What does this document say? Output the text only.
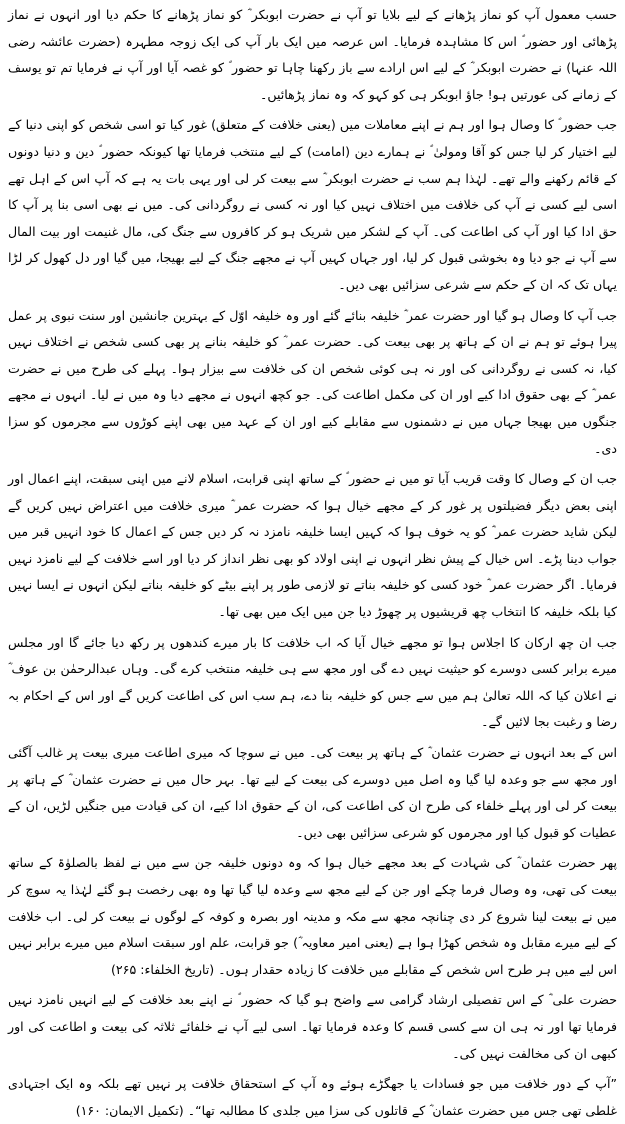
حسب معمول آپ کو نماز پڑھانے کے لیے بلایا تو آپ نے حضرت ابوبکر ؓ کو نماز پڑھانے کا حکم دیا اور انہوں نے نماز پڑھائی اور حضور ؐ اس کا مشاہدہ فرمایا۔ اس عرصہ میں ایک بار آپ کی ایک زوجہ مطہرہ (حضرت عائشہ رضی اللہ عنہا) نے حضرت ابوبکر ؓ کے لیے اس ارادے سے باز رکھنا چاہا تو حضور ؐ کو غصہ آیا اور آپ نے فرمایا تم تو یوسف کے زمانے کی عورتیں ہو! جاؤ ابوبکر ہی کو کہو کہ وہ نماز پڑھائیں۔

جب حضور ؐ کا وصال ہوا اور ہم نے اپنے معاملات میں (یعنی خلافت کے متعلق) غور کیا تو اسی شخص کو اپنی دنیا کے لیے اختیار کر لیا جس کو آقا ومولیٰ ؐ نے ہمارے دین (امامت) کے لیے منتخب فرمایا تھا کیونکہ حضور ؐ دین و دنیا دونوں کے قائم رکھنے والے تھے۔ لہٰذا ہم سب نے حضرت ابوبکر ؓ سے بیعت کر لی اور یہی بات یہ ہے کہ آپ اس کے اہل تھے اسی لیے کسی نے آپ کی خلافت میں اختلاف نہیں کیا اور نہ کسی نے روگردانی کی۔ میں نے بھی اسی بنا پر آپ کا حق ادا کیا اور آپ کی اطاعت کی۔ آپ کے لشکر میں شریک ہو کر کافروں سے جنگ کی، مال غنیمت اور بیت المال سے آپ نے جو دیا وہ بخوشی قبول کر لیا، اور جہاں کہیں آپ نے مجھے جنگ کے لیے بھیجا، میں گیا اور دل کھول کر لڑا یہاں تک کہ ان کے حکم سے شرعی سزائیں بھی دیں۔

جب آپ کا وصال ہو گیا اور حضرت عمر ؓ خلیفہ بنائے گئے اور وہ خلیفہ اوّل کے بہترین جانشین اور سنت نبوی پر عمل پیرا ہوئے تو ہم نے ان کے ہاتھ پر بھی بیعت کی۔ حضرت عمر ؓ کو خلیفہ بنانے پر بھی کسی شخص نے اختلاف نہیں کیا، نہ کسی نے روگردانی کی اور نہ ہی کوئی شخص ان کی خلافت سے بیزار ہوا۔ پہلے کی طرح میں نے حضرت عمر ؓ کے بھی حقوق ادا کیے اور ان کی مکمل اطاعت کی۔ جو کچھ انہوں نے مجھے دیا وہ میں نے لیا۔ انہوں نے مجھے جنگوں میں بھیجا جہاں میں نے دشمنوں سے مقابلے کیے اور ان کے عہد میں بھی اپنے کوڑوں سے مجرموں کو سزا دی۔

جب ان کے وصال کا وقت قریب آیا تو میں نے حضور ؐ کے ساتھ اپنی قرابت، اسلام لانے میں اپنی سبقت، اپنے اعمال اور اپنی بعض دیگر فضیلتوں پر غور کر کے مجھے خیال ہوا کہ حضرت عمر ؓ میری خلافت میں اعتراض نہیں کریں گے لیکن شاید حضرت عمر ؓ کو یہ خوف ہوا کہ کہیں ایسا خلیفہ نامزد نہ کر دیں جس کے اعمال کا خود انہیں قبر میں جواب دینا پڑے۔ اس خیال کے پیش نظر انہوں نے اپنی اولاد کو بھی نظر انداز کر دیا اور اسے خلافت کے لیے نامزد نہیں فرمایا۔ اگر حضرت عمر ؓ خود کسی کو خلیفہ بناتے تو لازمی طور پر اپنے بیٹے کو خلیفہ بناتے لیکن انہوں نے ایسا نہیں کیا بلکہ خلیفہ کا انتخاب چھ قریشیوں پر چھوڑ دیا جن میں ایک میں بھی تھا۔

جب ان چھ ارکان کا اجلاس ہوا تو مجھے خیال آیا کہ اب خلافت کا بار میرے کندھوں پر رکھ دیا جائے گا اور مجلس میرے برابر کسی دوسرے کو حیثیت نہیں دے گی اور مجھ سے ہی خلیفہ منتخب کرے گی۔ وہاں عبدالرحمٰن بن عوف ؓ نے اعلان کیا کہ اللہ تعالیٰ ہم میں سے جس کو خلیفہ بنا دے، ہم سب اس کی اطاعت کریں گے اور اس کے احکام بہ رضا و رغبت بجا لائیں گے۔

اس کے بعد انہوں نے حضرت عثمان ؓ کے ہاتھ پر بیعت کی۔ میں نے سوچا کہ میری اطاعت میری بیعت پر غالب آگئی اور مجھ سے جو وعدہ لیا گیا وہ اصل میں دوسرے کی بیعت کے لیے تھا۔ بہر حال میں نے حضرت عثمان ؓ کے ہاتھ پر بیعت کر لی اور پہلے خلفاء کی طرح ان کی اطاعت کی، ان کے حقوق ادا کیے، ان کی قیادت میں جنگیں لڑیں، ان کے عطیات کو قبول کیا اور مجرموں کو شرعی سزائیں بھی دیں۔

پھر حضرت عثمان ؓ کی شہادت کے بعد مجھے خیال ہوا کہ وہ دونوں خلیفہ جن سے میں نے لفظ بالصلوٰۃ کے ساتھ بیعت کی تھی، وہ وصال فرما چکے اور جن کے لیے مجھ سے وعدہ لیا گیا تھا وہ بھی رخصت ہو گئے لہٰذا یہ سوچ کر میں نے بیعت لینا شروع کر دی چنانچہ مجھ سے مکہ و مدینہ اور بصرہ و کوفہ کے لوگوں نے بیعت کر لی۔ اب خلافت کے لیے میرے مقابل وہ شخص کھڑا ہوا ہے (یعنی امیر معاویہ ؓ) جو قرابت، علم اور سبقت اسلام میں میرے برابر نہیں اس لیے میں ہر طرح اس شخص کے مقابلے میں خلافت کا زیادہ حقدار ہوں۔ (تاریخ الخلفاء: ۲۶۵)

حضرت علی ؓ کے اس تفصیلی ارشاد گرامی سے واضح ہو گیا کہ حضور ؐ نے اپنے بعد خلافت کے لیے انہیں نامزد نہیں فرمایا تھا اور نہ ہی ان سے کسی قسم کا وعدہ فرمایا تھا۔ اسی لیے آپ نے خلفائے ثلاثہ کی بیعت و اطاعت کی اور کبھی ان کی مخالفت نہیں کی۔

”آپ کے دور خلافت میں جو فسادات یا جھگڑے ہوئے وہ آپ کے استحقاق خلافت پر نہیں تھے بلکہ وہ ایک اجتہادی غلطی تھی جس میں حضرت عثمان ؓ کے قاتلوں کی سزا میں جلدی کا مطالبہ تھا“۔ (تکمیل الایمان: ۱۶۰)
